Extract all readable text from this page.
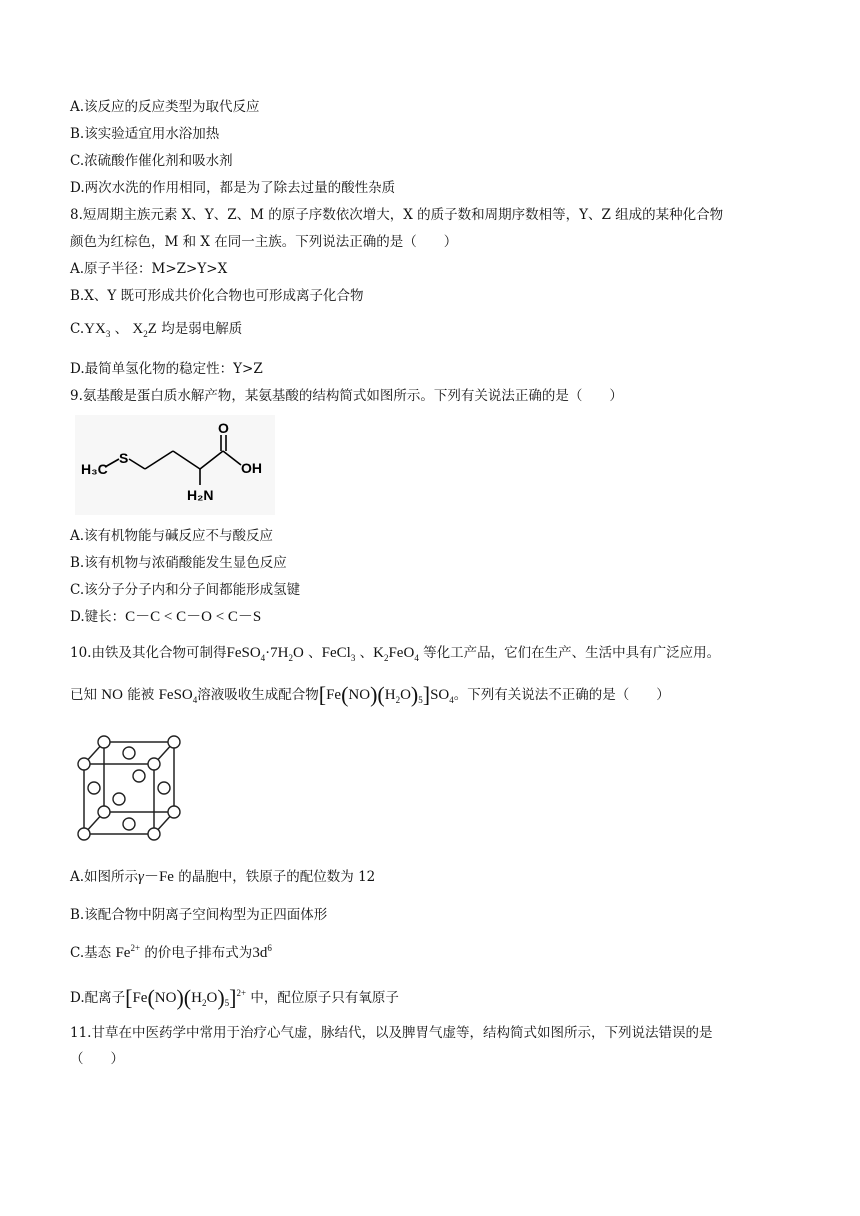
A.该反应的反应类型为取代反应
B.该实验适宜用水浴加热
C.浓硫酸作催化剂和吸水剂
D.两次水洗的作用相同，都是为了除去过量的酸性杂质
8.短周期主族元素 X、Y、Z、M 的原子序数依次增大，X 的质子数和周期序数相等，Y、Z 组成的某种化合物
颜色为红棕色，M 和 X 在同一主族。下列说法正确的是（　　）
A.原子半径：M>Z>Y>X
B.X、Y 既可形成共价化合物也可形成离子化合物
$C.YX_3$ 、 $X_2Z$ 均是弱电解质
D.最简单氢化物的稳定性：Y>Z
9.氨基酸是蛋白质水解产物，某氨基酸的结构简式如图所示。下列有关说法正确的是（　　）
H₃C
S
O
OH
H₂N
A.该有机物能与碱反应不与酸反应
B.该有机物与浓硝酸能发生显色反应
C.该分子分子内和分子间都能形成氢键
D.键长：C－C < C－O < C－S
10.由铁及其化合物可制得$FeSO_4\cdot 7H_2O$ 、FeCl$_3$ 、$K_2FeO_4$ 等化工产品，它们在生产、生活中具有广泛应用。
已知 NO 能被 FeSO$_4$溶液吸收生成配合物$[Fe(NO)(H_2O)_5]SO_4$。下列有关说法不正确的是（　　）
A.如图所示γ－Fe 的晶胞中，铁原子的配位数为 12
B.该配合物中阴离子空间构型为正四面体形
C.基态 $Fe^{2+}$ 的价电子排布式为$3d^6$
D.配离子$[Fe(NO)(H_2O)_5]^{2+}$ 中，配位原子只有氧原子
11.甘草在中医药学中常用于治疗心气虚，脉结代，以及脾胃气虚等，结构简式如图所示，下列说法错误的是
（　　）
